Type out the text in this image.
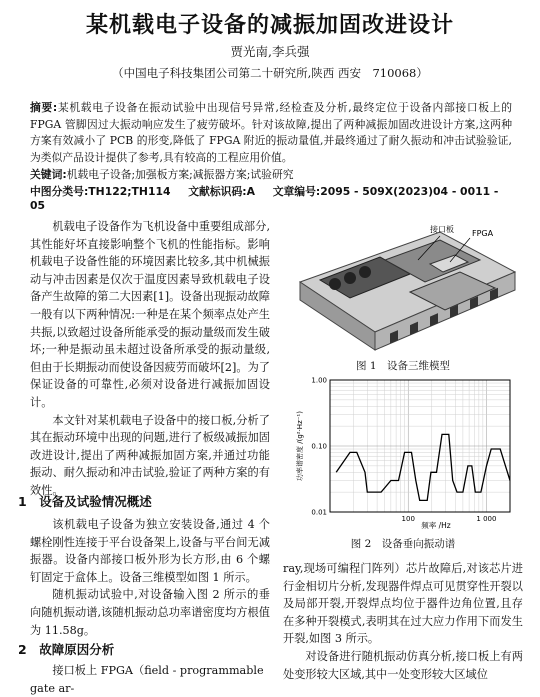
某机载电子设备的减振加固改进设计
贾光南,李兵强
（中国电子科技集团公司第二十研究所,陕西 西安　710068）
摘要:某机载电子设备在振动试验中出现信号异常,经检查及分析,最终定位于设备内部接口板上的 FPGA 管脚因过大振动响应发生了疲劳破坏。针对该故障,提出了两种减振加固改进设计方案,这两种方案有效减小了 PCB 的形变,降低了 FPGA 附近的振动量值,并最终通过了耐久振动和冲击试验验证,为类似产品设计提供了参考,具有较高的工程应用价值。
关键词:机载电子设备;加强板方案;减振器方案;试验研究
中图分类号:TH122;TH114 文献标识码:A 文章编号:2095 - 509X(2023)04 - 0011 - 05

机载电子设备作为飞机设备中重要组成部分,其性能好坏直接影响整个飞机的性能指标。影响机载电子设备性能的环境因素比较多,其中机械振动与冲击因素是仅次于温度因素导致机载电子设备产生故障的第二大因素[1]。设备出现振动故障一般有以下两种情况:一种是在某个频率点处产生共振,以致超过设备所能承受的振动量级而发生破坏;一种是振动虽未超过设备所承受的振动量级,但由于长期振动而使设备因疲劳而破坏[2]。为了保证设备的可靠性,必须对设备进行减振加固设计。

本文针对某机载电子设备中的接口板,分析了其在振动环境中出现的问题,进行了板级减振加固改进设计,提出了两种减振加固方案,并通过功能振动、耐久振动和冲击试验,验证了两种方案的有效性。

1　设备及试验情况概述

该机载电子设备为独立安装设备,通过 4 个螺栓刚性连接于平台设备架上,设备与平台间无减振器。设备内部接口板外形为长方形,由 6 个螺钉固定于盒体上。设备三维模型如图 1 所示。

随机振动试验中,对设备输入图 2 所示的垂向随机振动谱,该随机振动总功率谱密度均方根值为 11.58g。

2　故障原因分析

接口板上 FPGA（field - programmable gate ar-

接口板 FPGA
图 1　设备三维模型
100	1 000
1.00
0.10
0.01
频率 /Hz
功率谱密度 /(g²·Hz⁻¹)
图 2　设备垂向振动谱

ray,现场可编程门阵列）芯片故障后,对该芯片进行金相切片分析,发现器件焊点可见贯穿性开裂以及局部开裂,开裂焊点均位于器件边角位置,且存在多种开裂模式,表明其在过大应力作用下而发生开裂,如图 3 所示。

对设备进行随机振动仿真分析,接口板上有两处变形较大区域,其中一处变形较大区域位
